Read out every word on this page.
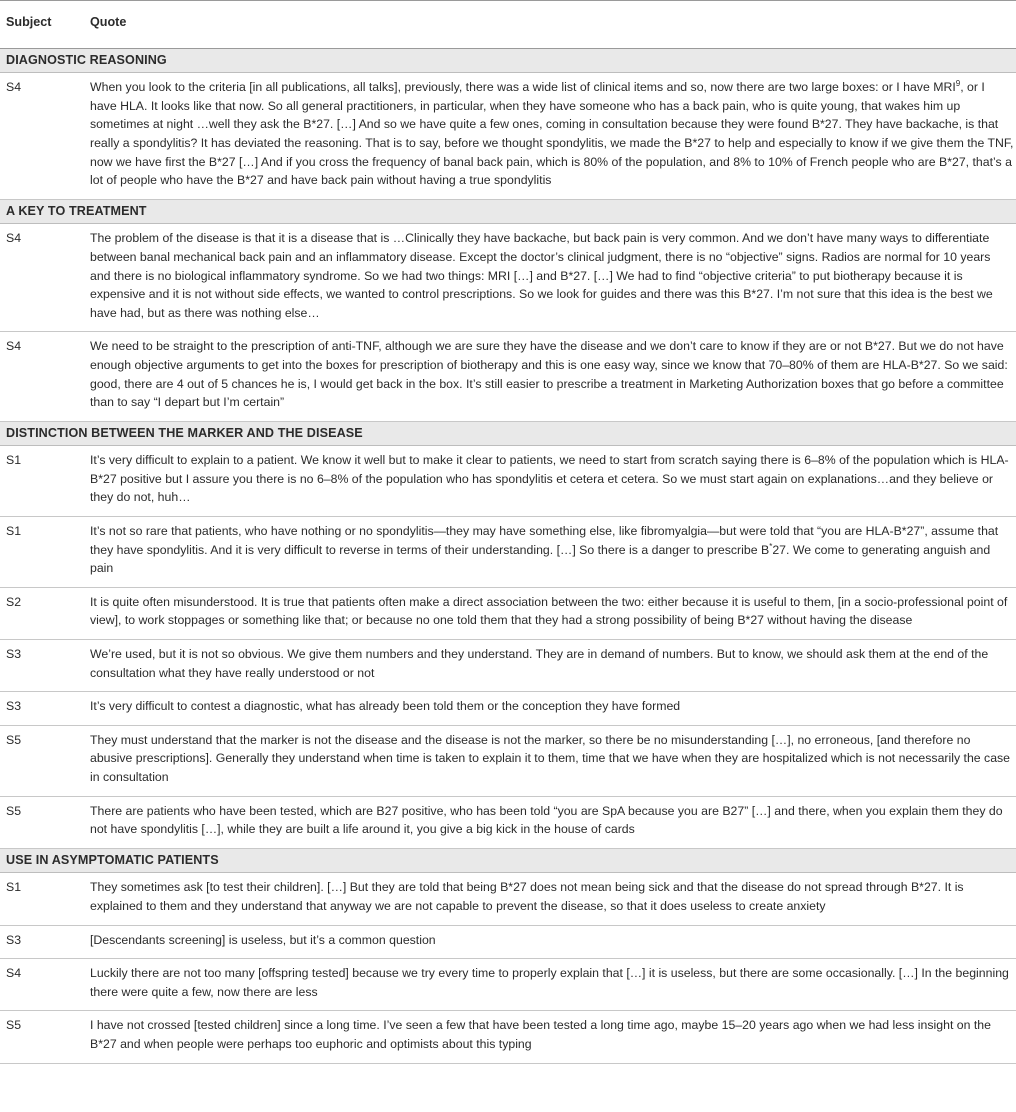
Subject	Quote
DIAGNOSTIC REASONING	
S4	When you look to the criteria [in all publications, all talks], previously, there was a wide list of clinical items and so, now there are two large boxes: or I have MRI$^9$, or I have HLA. It looks like that now. So all general practitioners, in particular, when they have someone who has a back pain, who is quite young, that wakes him up sometimes at night …well they ask the B*27. […] And so we have quite a few ones, coming in consultation because they were found B*27. They have backache, is that really a spondylitis? It has deviated the reasoning. That is to say, before we thought spondylitis, we made the B*27 to help and especially to know if we give them the TNF, now we have first the B*27 […] And if you cross the frequency of banal back pain, which is 80% of the population, and 8% to 10% of French people who are B*27, that’s a lot of people who have the B*27 and have back pain without having a true spondylitis
A KEY TO TREATMENT	
S4	The problem of the disease is that it is a disease that is …Clinically they have backache, but back pain is very common. And we don’t have many ways to differentiate between banal mechanical back pain and an inflammatory disease. Except the doctor’s clinical judgment, there is no “objective” signs. Radios are normal for 10 years and there is no biological inflammatory syndrome. So we had two things: MRI […] and B*27. […] We had to find “objective criteria” to put biotherapy because it is expensive and it is not without side effects, we wanted to control prescriptions. So we look for guides and there was this B*27. I’m not sure that this idea is the best we have had, but as there was nothing else…
S4	We need to be straight to the prescription of anti-TNF, although we are sure they have the disease and we don’t care to know if they are or not B*27. But we do not have enough objective arguments to get into the boxes for prescription of biotherapy and this is one easy way, since we know that 70–80% of them are HLA-B*27. So we said: good, there are 4 out of 5 chances he is, I would get back in the box. It’s still easier to prescribe a treatment in Marketing Authorization boxes that go before a committee than to say “I depart but I’m certain”
DISTINCTION BETWEEN THE MARKER AND THE DISEASE	
S1	It’s very difficult to explain to a patient. We know it well but to make it clear to patients, we need to start from scratch saying there is 6–8% of the population which is HLA-B*27 positive but I assure you there is no 6–8% of the population who has spondylitis et cetera et cetera. So we must start again on explanations…and they believe or they do not, huh…
S1	It’s not so rare that patients, who have nothing or no spondylitis—they may have something else, like fibromyalgia—but were told that “you are HLA-B*27”, assume that they have spondylitis. And it is very difficult to reverse in terms of their understanding. […] So there is a danger to prescribe B*27. We come to generating anguish and pain
S2	It is quite often misunderstood. It is true that patients often make a direct association between the two: either because it is useful to them, [in a socio-professional point of view], to work stoppages or something like that; or because no one told them that they had a strong possibility of being B*27 without having the disease
S3	We’re used, but it is not so obvious. We give them numbers and they understand. They are in demand of numbers. But to know, we should ask them at the end of the consultation what they have really understood or not
S3	It’s very difficult to contest a diagnostic, what has already been told them or the conception they have formed
S5	They must understand that the marker is not the disease and the disease is not the marker, so there be no misunderstanding […], no erroneous, [and therefore no abusive prescriptions]. Generally they understand when time is taken to explain it to them, time that we have when they are hospitalized which is not necessarily the case in consultation
S5	There are patients who have been tested, which are B27 positive, who has been told “you are SpA because you are B27” […] and there, when you explain them they do not have spondylitis […], while they are built a life around it, you give a big kick in the house of cards
USE IN ASYMPTOMATIC PATIENTS	
S1	They sometimes ask [to test their children]. […] But they are told that being B*27 does not mean being sick and that the disease do not spread through B*27. It is explained to them and they understand that anyway we are not capable to prevent the disease, so that it does useless to create anxiety
S3	[Descendants screening] is useless, but it’s a common question
S4	Luckily there are not too many [offspring tested] because we try every time to properly explain that […] it is useless, but there are some occasionally. […] In the beginning there were quite a few, now there are less
S5	I have not crossed [tested children] since a long time. I’ve seen a few that have been tested a long time ago, maybe 15–20 years ago when we had less insight on the B*27 and when people were perhaps too euphoric and optimists about this typing
